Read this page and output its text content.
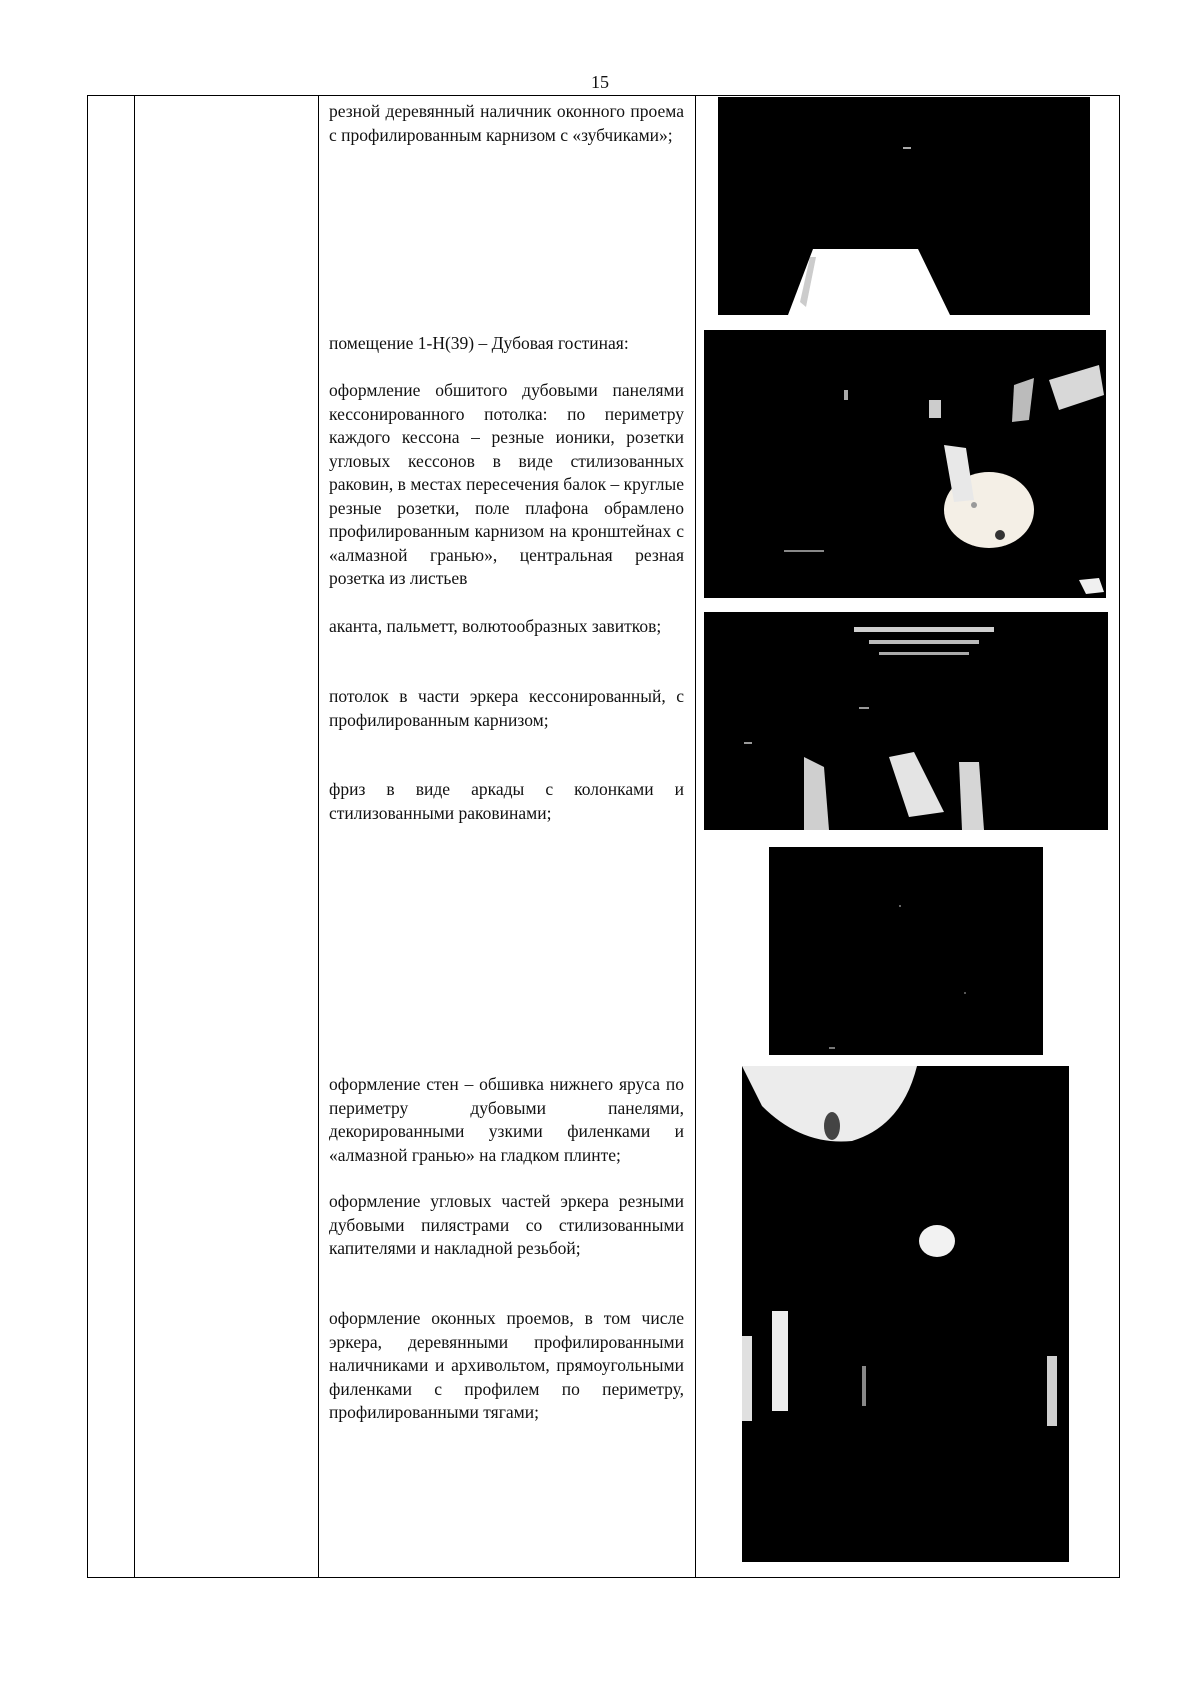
15

резной деревянный наличник оконного проема с профилированным карнизом с «зубчиками»;

помещение 1-Н(39) – Дубовая гостиная:

оформление обшитого дубовыми панелями кессонированного потолка: по периметру каждого кессона – резные ионики, розетки угловых кессонов в виде стилизованных раковин, в местах пересечения балок – круглые резные розетки, поле плафона обрамлено профилированным карнизом на кронштейнах с «алмазной гранью», центральная резная розетка из листьев

аканта, пальметт, волютообразных завитков;

потолок в части эркера кессонированный, с профилированным карнизом;

фриз в виде аркады с колонками и стилизованными раковинами;

оформление стен – обшивка нижнего яруса по периметру дубовыми панелями, декорированными узкими филенками и «алмазной гранью» на гладком плинте;

оформление угловых частей эркера резными дубовыми пилястрами со стилизованными капителями и накладной резьбой;

оформление оконных проемов, в том числе эркера, деревянными профилированными наличниками и архивольтом, прямоугольными филенками с профилем по периметру, профилированными тягами;
